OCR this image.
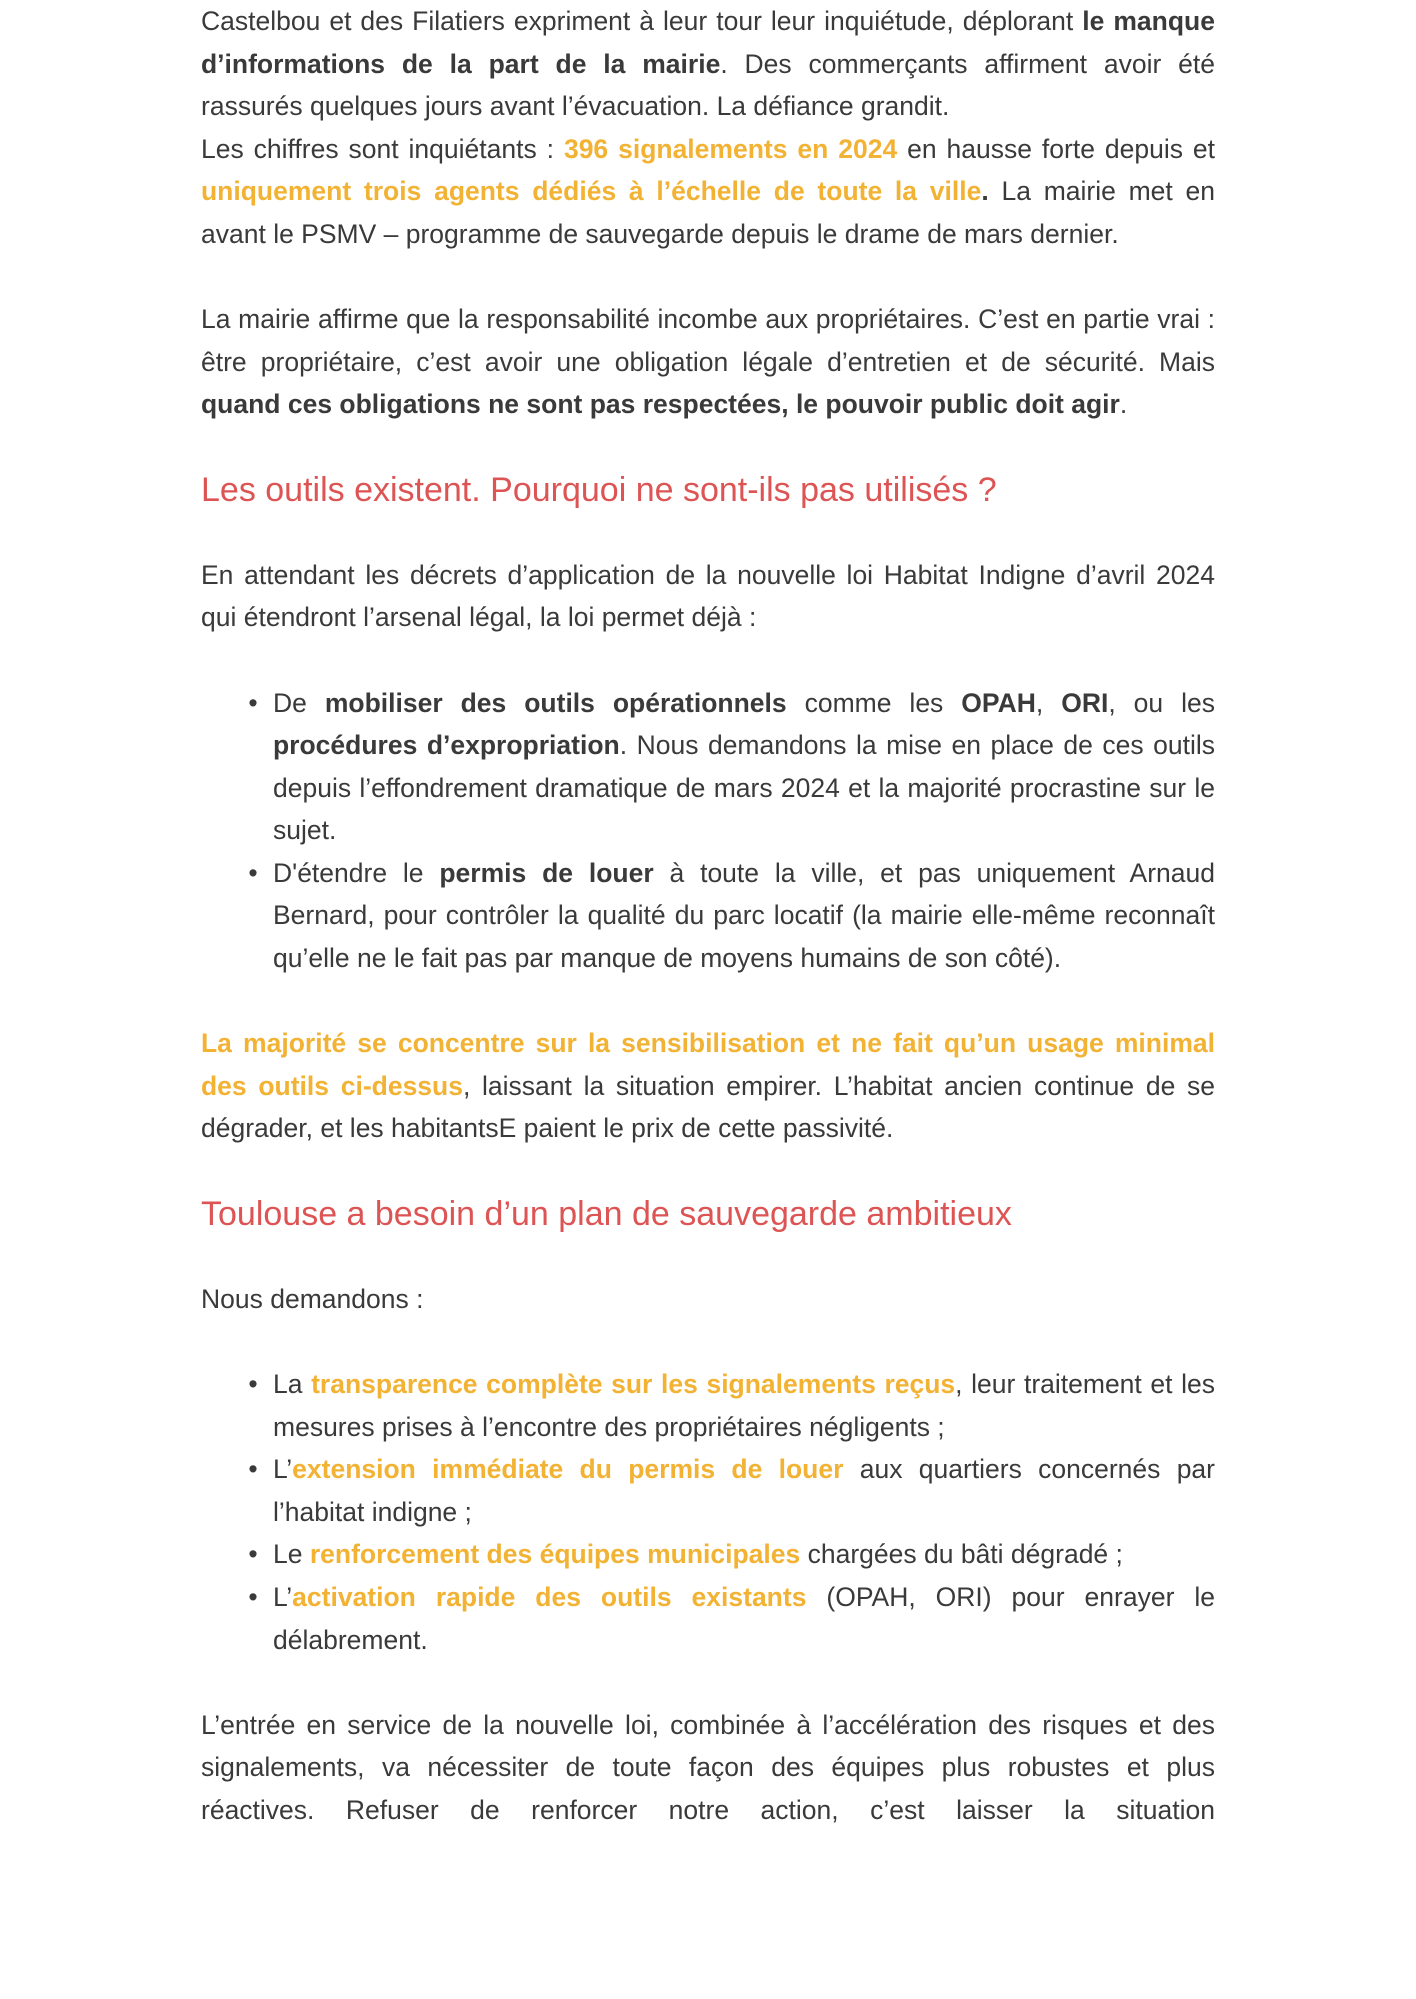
Castelbou et des Filatiers expriment à leur tour leur inquiétude, déplorant le manque d’informations de la part de la mairie. Des commerçants affirment avoir été rassurés quelques jours avant l’évacuation. La défiance grandit.

Les chiffres sont inquiétants : 396 signalements en 2024 en hausse forte depuis et uniquement trois agents dédiés à l’échelle de toute la ville. La mairie met en avant le PSMV – programme de sauvegarde depuis le drame de mars dernier.

La mairie affirme que la responsabilité incombe aux propriétaires. C’est en partie vrai : être propriétaire, c’est avoir une obligation légale d’entretien et de sécurité. Mais quand ces obligations ne sont pas respectées, le pouvoir public doit agir.

Les outils existent. Pourquoi ne sont-ils pas utilisés ?

En attendant les décrets d’application de la nouvelle loi Habitat Indigne d’avril 2024 qui étendront l’arsenal légal, la loi permet déjà :

• De mobiliser des outils opérationnels comme les OPAH, ORI, ou les procédures d’expropriation. Nous demandons la mise en place de ces outils depuis l’effondrement dramatique de mars 2024 et la majorité procrastine sur le sujet.
• D'étendre le permis de louer à toute la ville, et pas uniquement Arnaud Bernard, pour contrôler la qualité du parc locatif (la mairie elle-même reconnaît qu’elle ne le fait pas par manque de moyens humains de son côté).

La majorité se concentre sur la sensibilisation et ne fait qu’un usage minimal des outils ci-dessus, laissant la situation empirer. L’habitat ancien continue de se dégrader, et les habitantsE paient le prix de cette passivité.

Toulouse a besoin d’un plan de sauvegarde ambitieux

Nous demandons :

• La transparence complète sur les signalements reçus, leur traitement et les mesures prises à l’encontre des propriétaires négligents ;
• L’extension immédiate du permis de louer aux quartiers concernés par l’habitat indigne ;
• Le renforcement des équipes municipales chargées du bâti dégradé ;
• L’activation rapide des outils existants (OPAH, ORI) pour enrayer le délabrement.

L’entrée en service de la nouvelle loi, combinée à l’accélération des risques et des signalements, va nécessiter de toute façon des équipes plus robustes et plus réactives. Refuser de renforcer notre action, c’est laisser la situation
